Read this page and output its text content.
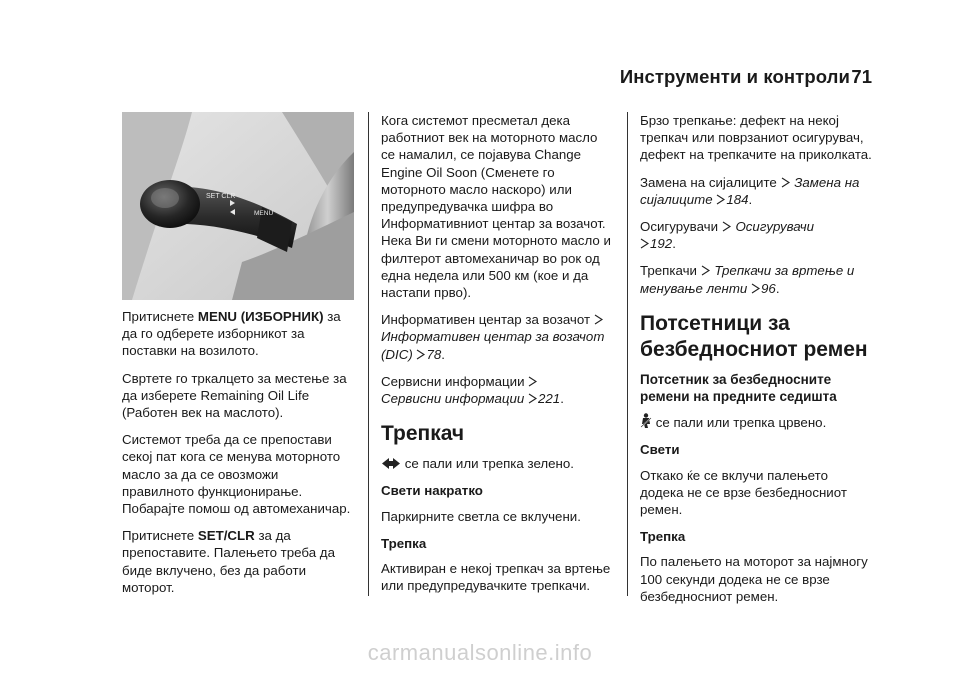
Инструменти и контроли 71
SET CLR
MENU

Притиснете MENU (ИЗБОРНИК) за да го одберете изборникот за поставки на возилото.

Свртете го тркалцето за местење за да изберете Remaining Oil Life (Работен век на маслото).

Системот треба да се препостави секој пат кога се менува моторното масло за да се овозможи правилното функционирање. Побарајте помош од автомеханичар.

Притиснете SET/CLR за да препоставите. Палењето треба да биде вклучено, без да работи моторот.

Кога системот пресметал дека работниот век на моторното масло се намалил, се појавува Change Engine Oil Soon (Сменете го моторното масло наскоро) или предупредувачка шифра во Информативниот центар за возачот. Нека Ви ги смени моторното масло и филтерот автомеханичар во рок од една недела или 500 км (кое и да настапи прво).

Информативен центар за возачот
Информативен центар за возачот (DIC) 78.

Сервисни информации
Сервисни информации 221.

Трепкач

се пали или трепка зелено.

Свети накратко

Паркирните светла се вклучени.

Трепка

Активиран е некој трепкач за вртење или предупредувачките трепкачи.

Брзо трепкање: дефект на некој трепкач или поврзаниот осигурувач, дефект на трепкачите на приколката.

Замена на сијалиците  Замена на сијалиците 184.

Осигурувачи  Осигурувачи
192.

Трепкачи  Трепкачи за вртење и менување ленти 96.

Потсетници за безбедносниот ремен
Потсетник за безбедносните ремени на предните седишта

се пали или трепка црвено.

Свети

Откако ќе се вклучи палењето додека не се врзе безбедносниот ремен.

Трепка

По палењето на моторот за најмногу 100 секунди додека не се врзе безбедносниот ремен.

carmanualsonline.info
